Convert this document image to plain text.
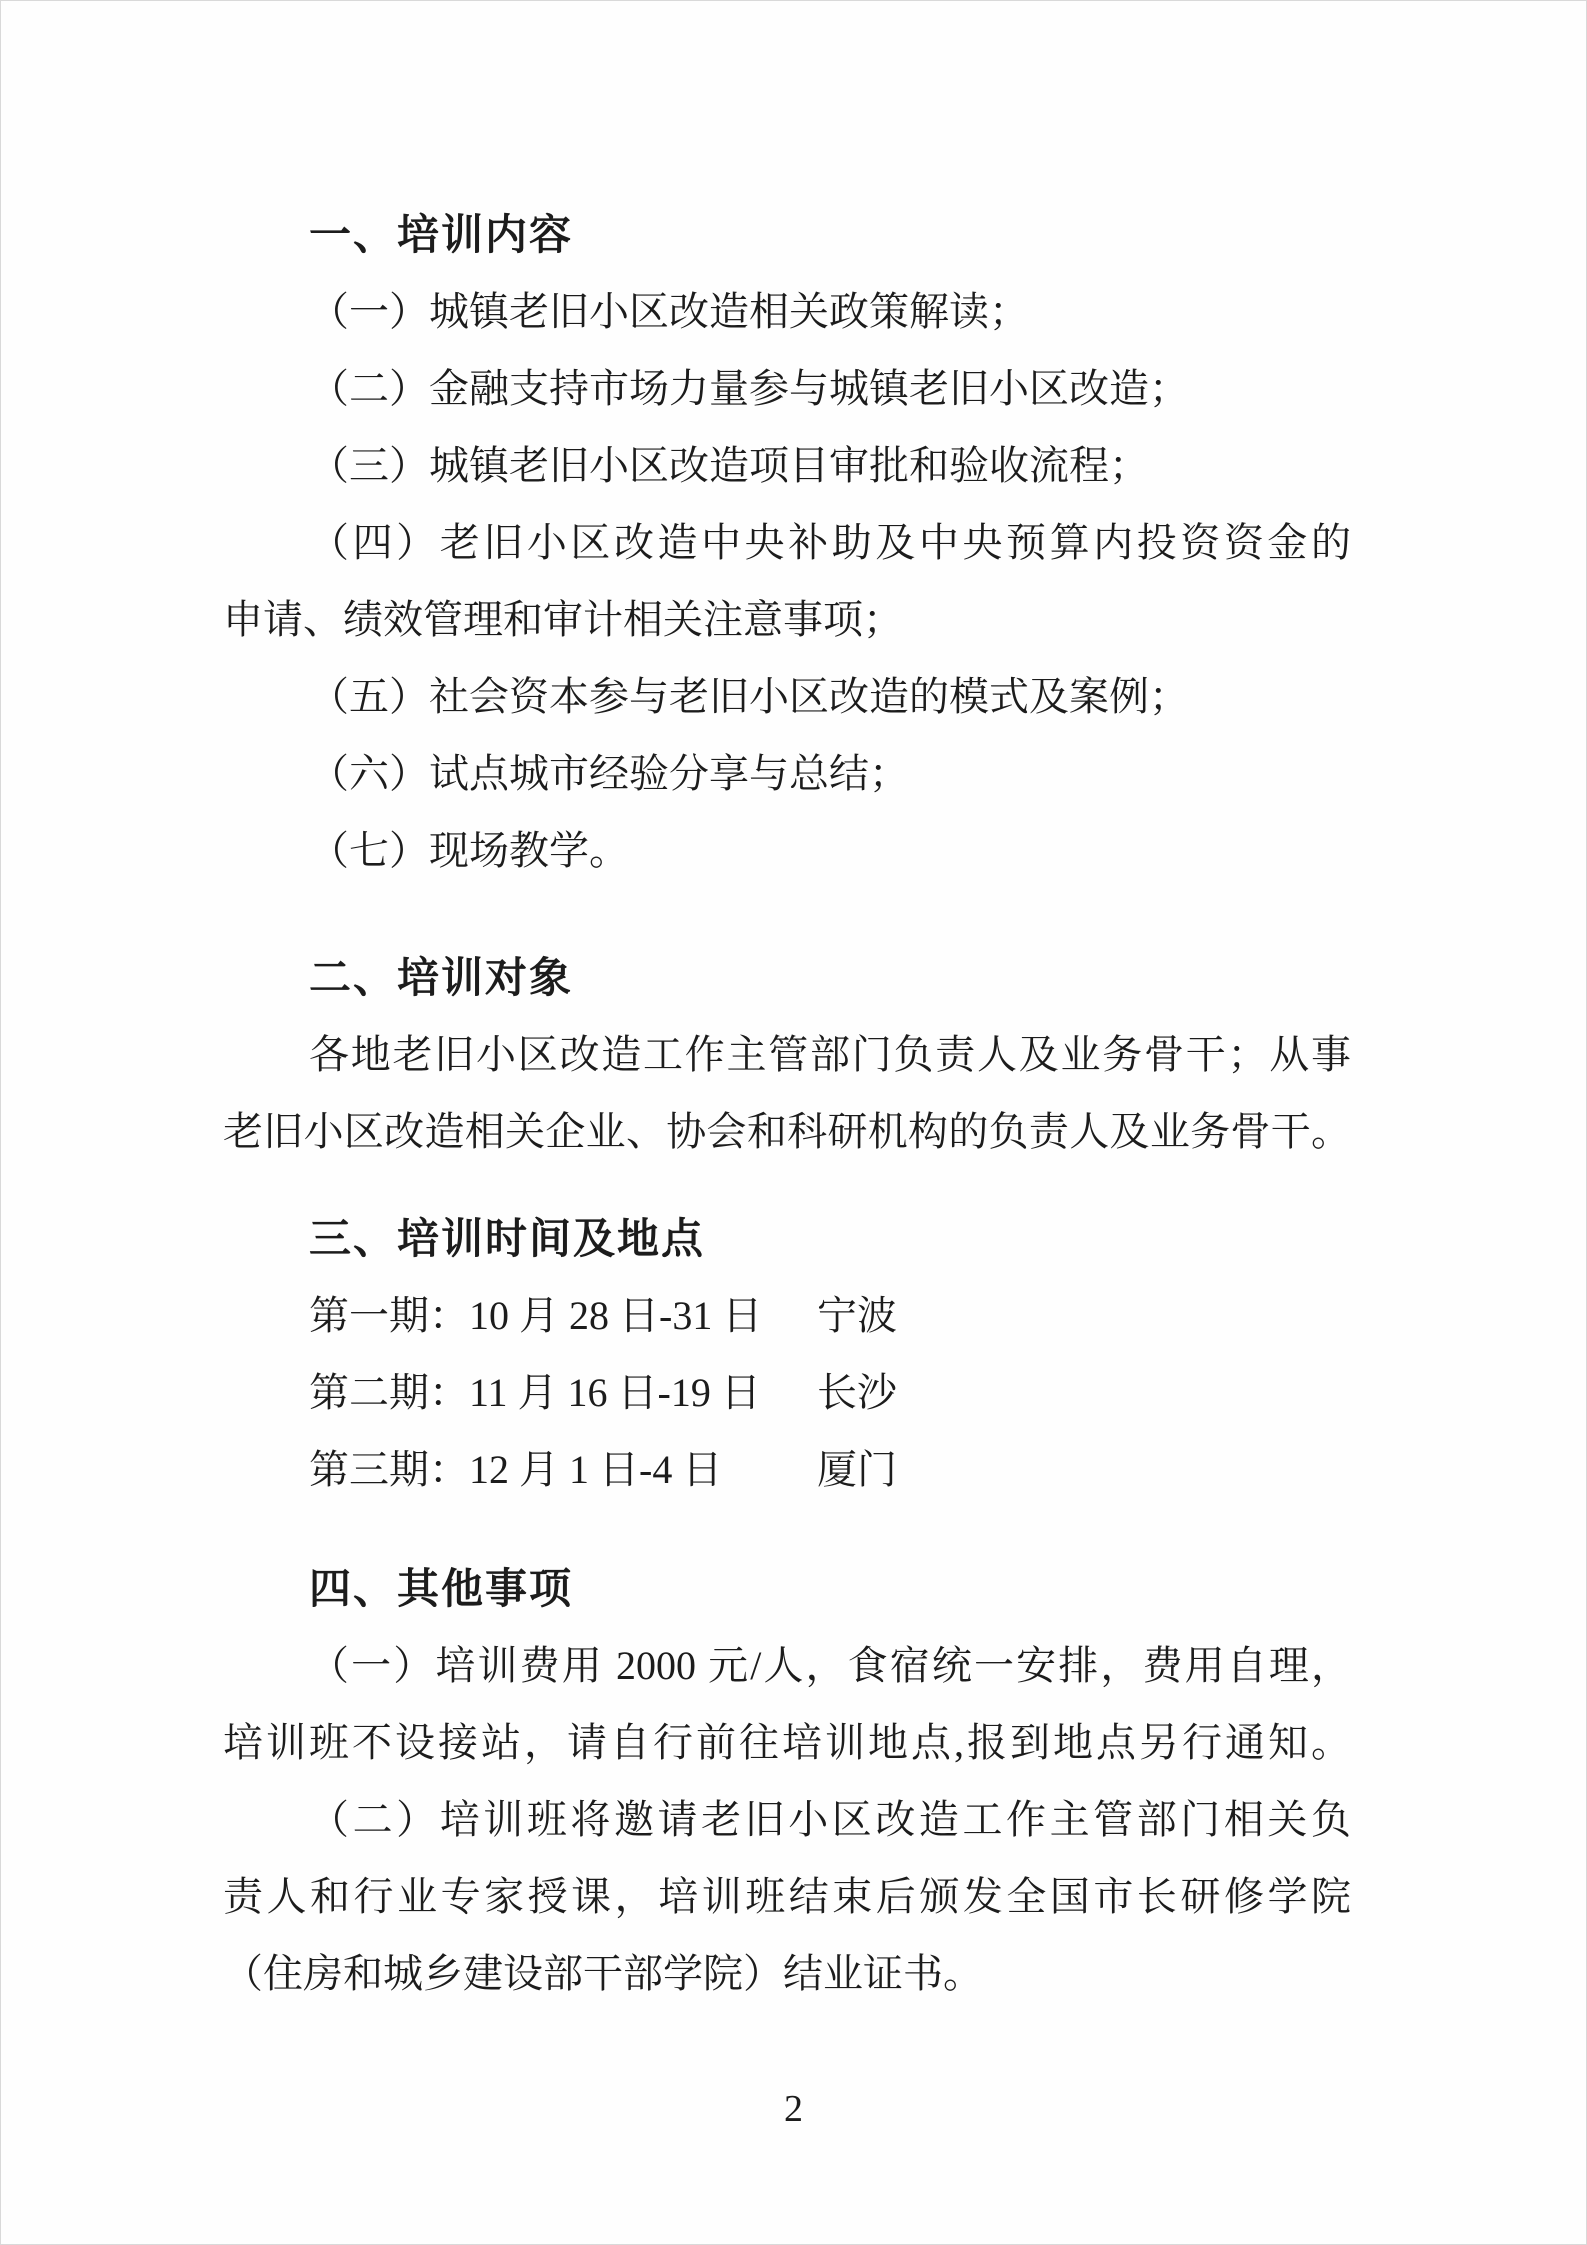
一、培训内容
（一）城镇老旧小区改造相关政策解读；
（二）金融支持市场力量参与城镇老旧小区改造；
（三）城镇老旧小区改造项目审批和验收流程；
（四）老旧小区改造中央补助及中央预算内投资资金的
申请、绩效管理和审计相关注意事项；
（五）社会资本参与老旧小区改造的模式及案例；
（六）试点城市经验分享与总结；
（七）现场教学。
二、培训对象
各地老旧小区改造工作主管部门负责人及业务骨干；从事
老旧小区改造相关企业、协会和科研机构的负责人及业务骨干。
三、培训时间及地点
第一期：10 月 28 日-31 日 宁波
第二期：11 月 16 日-19 日 长沙
第三期：12 月 1 日-4 日 厦门
四、其他事项
（一）培训费用 2000 元/人，食宿统一安排，费用自理，
培训班不设接站，请自行前往培训地点,报到地点另行通知。
（二）培训班将邀请老旧小区改造工作主管部门相关负
责人和行业专家授课，培训班结束后颁发全国市长研修学院
（住房和城乡建设部干部学院）结业证书。
2
